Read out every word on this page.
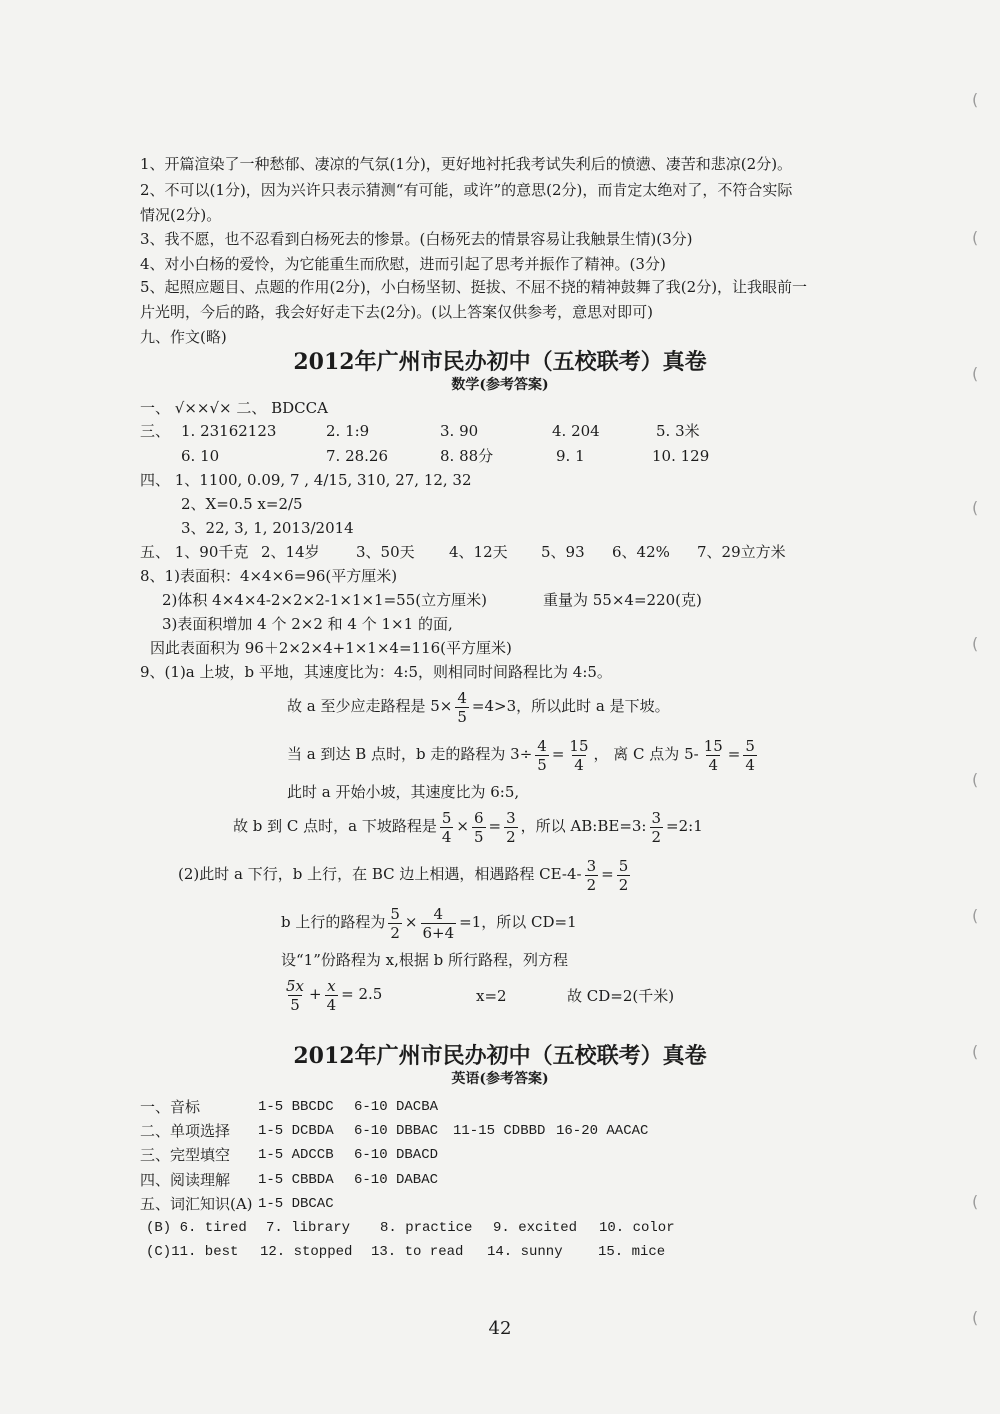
1、开篇渲染了一种愁郁、凄凉的气氛(1分)，更好地衬托我考试失利后的愤懑、凄苦和悲凉(2分)。
2、不可以(1分)，因为兴许只表示猜测“有可能，或许”的意思(2分)，而肯定太绝对了，不符合实际
情况(2分)。
3、我不愿，也不忍看到白杨死去的惨景。(白杨死去的情景容易让我触景生情)(3分)
4、对小白杨的爱怜，为它能重生而欣慰，进而引起了思考并振作了精神。(3分)
5、起照应题目、点题的作用(2分)，小白杨坚韧、挺拔、不屈不挠的精神鼓舞了我(2分)，让我眼前一
片光明，今后的路，我会好好走下去(2分)。(以上答案仅供参考，意思对即可)
九、作文(略)
2012年广州市民办初中（五校联考）真卷
数学(参考答案)
一、 √××√× 二、 BDCCA
三、 1. 23162123	2. 1:9	3. 90	4. 204	5. 3米
6. 10	7. 28.26	8. 88分	9. 1	10. 129
四、 1、1100, 0.09, 7 , 4/15, 310, 27, 12, 32
2、X=0.5 x=2/5
3、22, 3, 1, 2013/2014
五、 1、90千克 2、14岁 3、50天 4、12天 5、93 6、42% 7、29立方米
8、1)表面积：4×4×6=96(平方厘米)
2)体积 4×4×4-2×2×2-1×1×1=55(立方厘米)	重量为 55×4=220(克)
3)表面积增加 4 个 2×2 和 4 个 1×1 的面,
因此表面积为 96＋2×2×4+1×1×4=116(平方厘米)
9、(1)a 上坡，b 平地，其速度比为：4:5，则相同时间路程比为 4:5。
故 a 至少应走路程是 $5\times \frac{4}{5} =4>3$，所以此时 a 是下坡。
当 a 到达 B 点时，b 走的路程为 $3\div \frac{4}{5} = \frac{15}{4}$ ， 离 C 点为 $5- \frac{15}{4} = \frac{5}{4}$
此时 a 开始小坡，其速度比为 6:5,
故 b 到 C 点时，a 下坡路程是 $\frac{5}{4} \times \frac{6}{5} = \frac{3}{2}$ ，所以 AB:BE=3: $\frac{3}{2}$ =2:1
(2)此时 a 下行，b 上行，在 BC 边上相遇，相遇路程 $CE-4- \frac{3}{2} = \frac{5}{2}$
b 上行的路程为 $\frac{5}{2} \times \frac{4}{6+4} =1$，所以 CD=1
设“1”份路程为 x,根据 b 所行路程，列方程
$\frac{5x}{5} + \frac{x}{4} = 2.5$	x=2	故 CD=2(千米)
2012年广州市民办初中（五校联考）真卷
英语(参考答案)
一、音标	1-5 BBCDC 6-10 DACBA
二、单项选择 1-5 DCBDA 6-10 DBBAC 11-15 CDBBD 16-20 AACAC
三、完型填空 1-5 ADCCB 6-10 DBACD
四、阅读理解 1-5 CBBDA 6-10 DABAC
五、词汇知识(A) 1-5 DBCAC
(B) 6. tired 7. library 8. practice 9. excited 10. color
(C)11. best 12. stopped 13. to read 14. sunny	15. mice
42
(
(
(
(
(
(
(
(
(
(
